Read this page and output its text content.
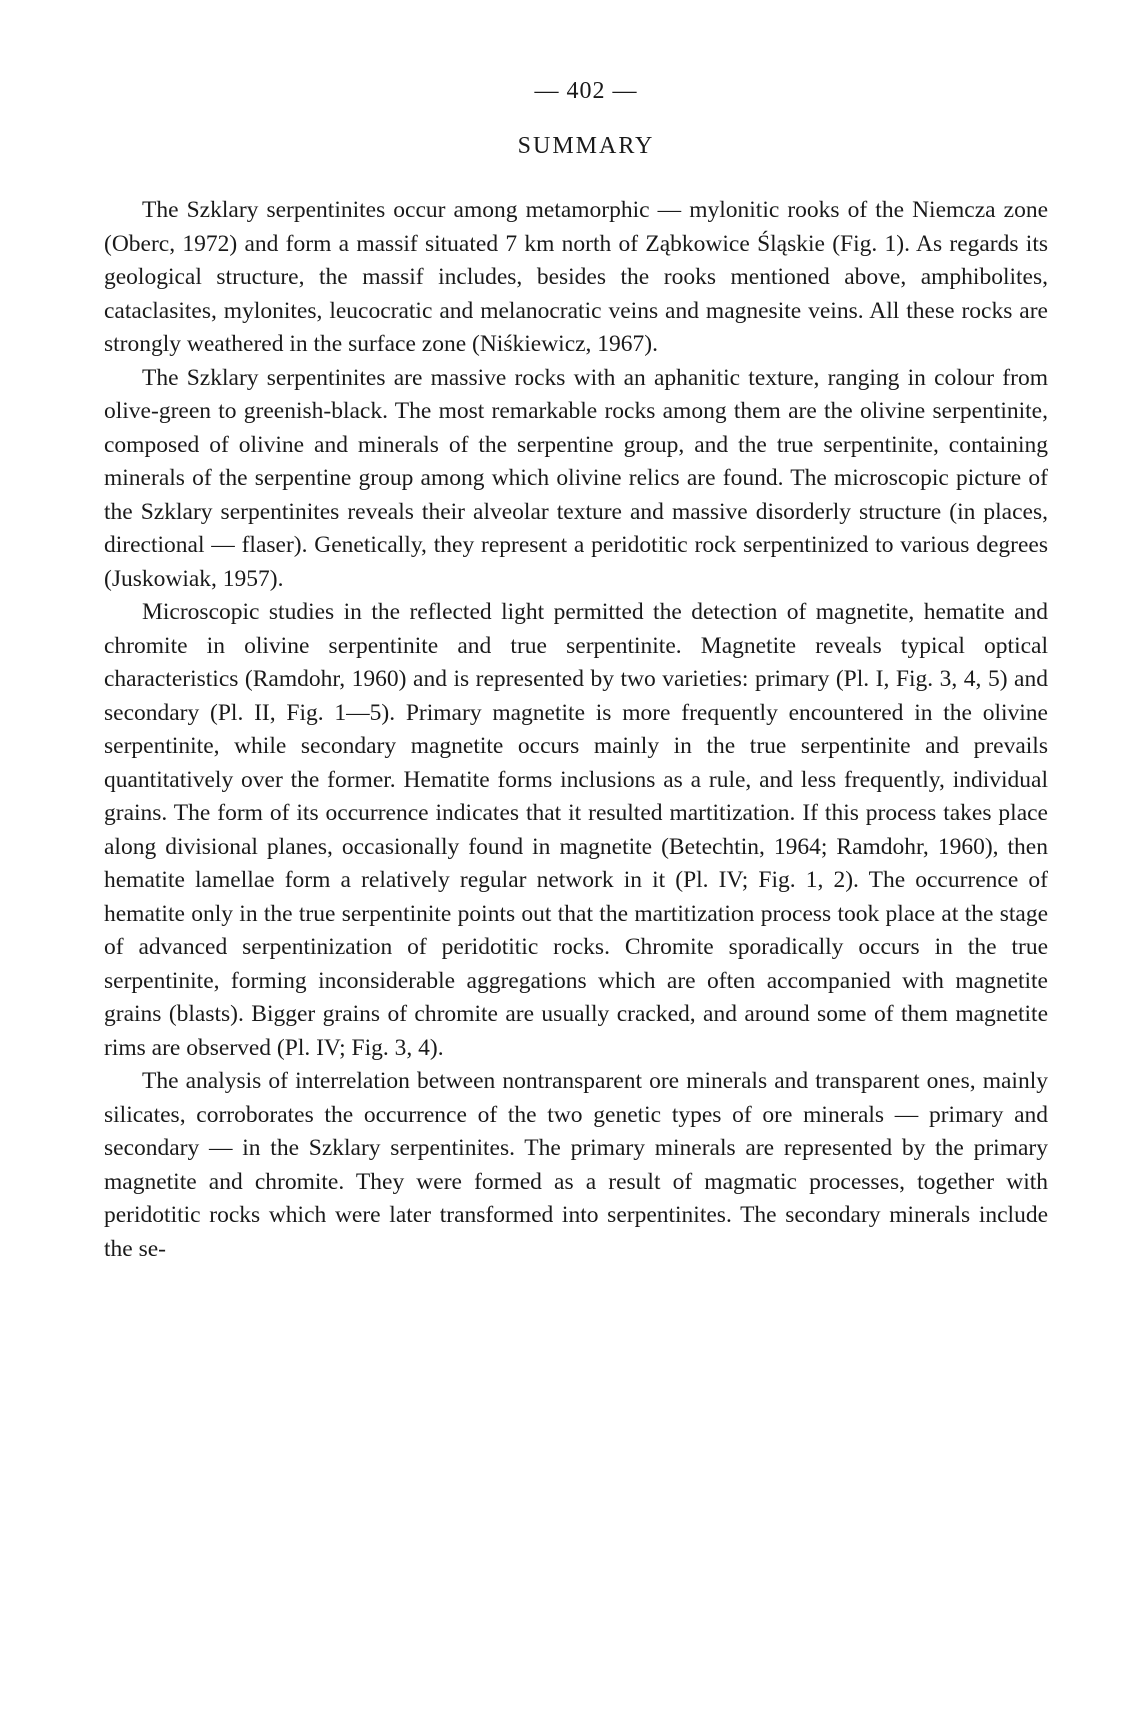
— 402 —
SUMMARY

The Szklary serpentinites occur among metamorphic — mylonitic rooks of the Niemcza zone (Oberc, 1972) and form a massif situated 7 km north of Ząbkowice Śląskie (Fig. 1). As regards its geological structure, the massif includes, besides the rooks mentioned above, amphibolites, cataclasites, mylonites, leucocratic and melanocratic veins and magnesite veins. All these rocks are strongly weathered in the surface zone (Niśkiewicz, 1967).

The Szklary serpentinites are massive rocks with an aphanitic texture, ranging in colour from olive-green to greenish-black. The most remarkable rocks among them are the olivine serpentinite, composed of olivine and minerals of the serpentine group, and the true serpentinite, containing minerals of the serpentine group among which olivine relics are found. The microscopic picture of the Szklary serpentinites reveals their alveolar texture and massive disorderly structure (in places, directional — flaser). Genetically, they represent a peridotitic rock serpentinized to various degrees (Juskowiak, 1957).

Microscopic studies in the reflected light permitted the detection of magnetite, hematite and chromite in olivine serpentinite and true serpentinite. Magnetite reveals typical optical characteristics (Ramdohr, 1960) and is represented by two varieties: primary (Pl. I, Fig. 3, 4, 5) and secondary (Pl. II, Fig. 1—5). Primary magnetite is more frequently encountered in the olivine serpentinite, while secondary magnetite occurs mainly in the true serpentinite and prevails quantitatively over the former. Hematite forms inclusions as a rule, and less frequently, individual grains. The form of its occurrence indicates that it resulted martitization. If this process takes place along divisional planes, occasionally found in magnetite (Betechtin, 1964; Ramdohr, 1960), then hematite lamellae form a relatively regular network in it (Pl. IV; Fig. 1, 2). The occurrence of hematite only in the true serpentinite points out that the martitization process took place at the stage of advanced serpentinization of peridotitic rocks. Chromite sporadically occurs in the true serpentinite, forming inconsiderable aggregations which are often accompanied with magnetite grains (blasts). Bigger grains of chromite are usually cracked, and around some of them magnetite rims are observed (Pl. IV; Fig. 3, 4).

The analysis of interrelation between nontransparent ore minerals and transparent ones, mainly silicates, corroborates the occurrence of the two genetic types of ore minerals — primary and secondary — in the Szklary serpentinites. The primary minerals are represented by the primary magnetite and chromite. They were formed as a result of magmatic processes, together with peridotitic rocks which were later transformed into serpentinites. The secondary minerals include the se-
